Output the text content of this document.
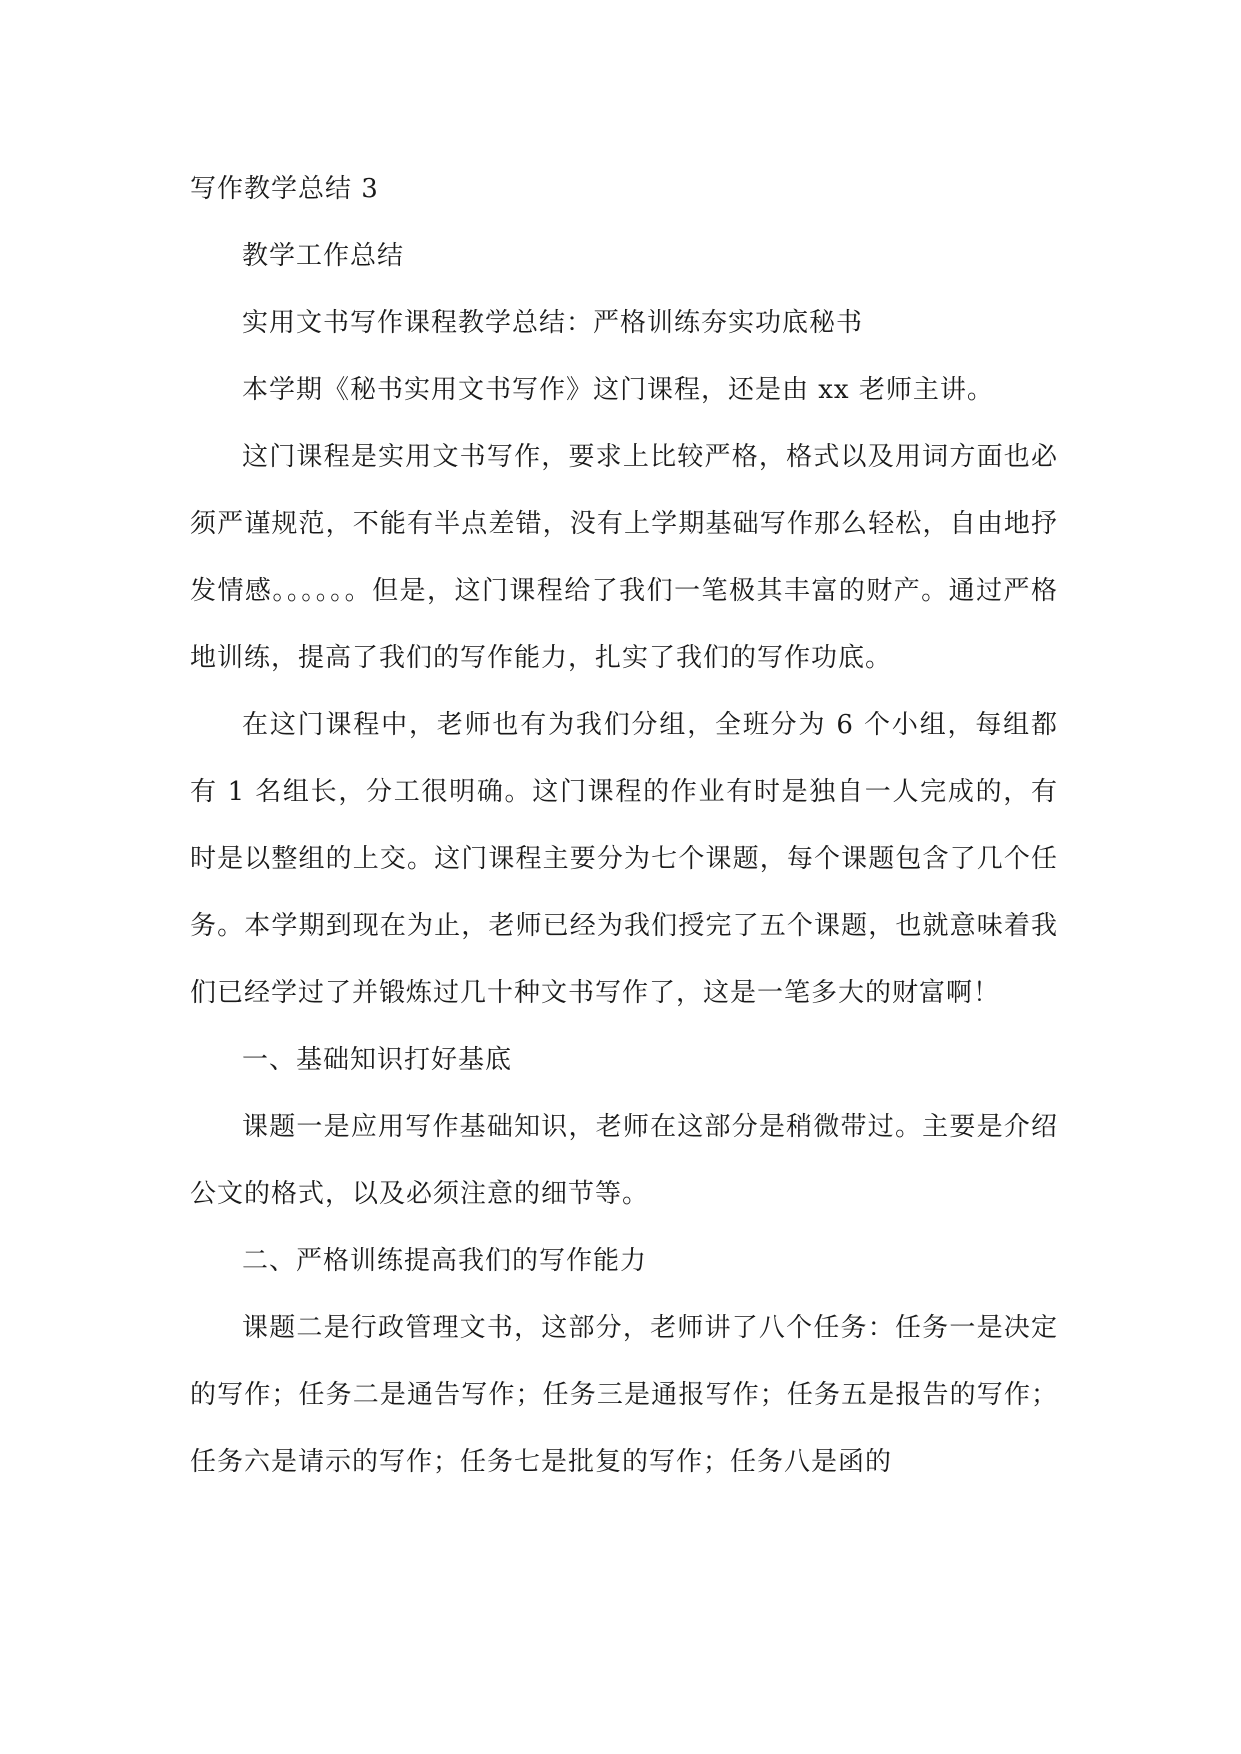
写作教学总结 3

教学工作总结

实用文书写作课程教学总结：严格训练夯实功底秘书

本学期《秘书实用文书写作》这门课程，还是由 xx 老师主讲。

这门课程是实用文书写作，要求上比较严格，格式以及用词方面也必须严谨规范，不能有半点差错，没有上学期基础写作那么轻松，自由地抒发情感。。。。。。但是，这门课程给了我们一笔极其丰富的财产。通过严格地训练，提高了我们的写作能力，扎实了我们的写作功底。

在这门课程中，老师也有为我们分组，全班分为 6 个小组，每组都有 1 名组长，分工很明确。这门课程的作业有时是独自一人完成的，有时是以整组的上交。这门课程主要分为七个课题，每个课题包含了几个任务。本学期到现在为止，老师已经为我们授完了五个课题，也就意味着我们已经学过了并锻炼过几十种文书写作了，这是一笔多大的财富啊！

一、基础知识打好基底

课题一是应用写作基础知识，老师在这部分是稍微带过。主要是介绍公文的格式，以及必须注意的细节等。

二、严格训练提高我们的写作能力

课题二是行政管理文书，这部分，老师讲了八个任务：任务一是决定的写作；任务二是通告写作；任务三是通报写作；任务五是报告的写作；任务六是请示的写作；任务七是批复的写作；任务八是函的
